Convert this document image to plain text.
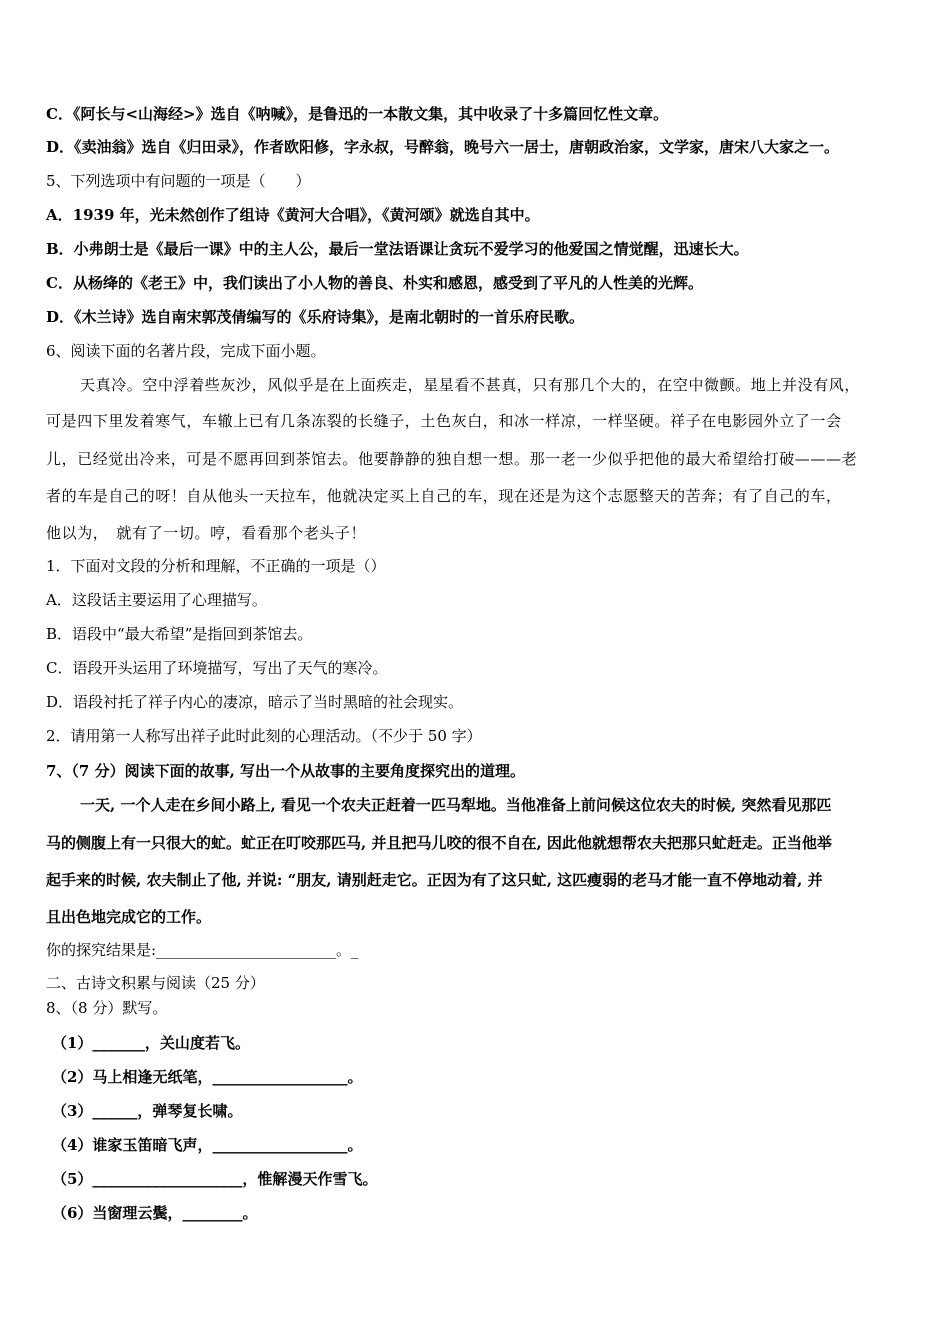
C．《阿长与<山海经>》选自《呐喊》，是鲁迅的一本散文集，其中收录了十多篇回忆性文章。
D．《卖油翁》选自《归田录》，作者欧阳修，字永叔，号醉翁，晚号六一居士，唐朝政治家，文学家，唐宋八大家之一。
5、下列选项中有问题的一项是（　　）
A．1939 年，光未然创作了组诗《黄河大合唱》，《黄河颂》就选自其中。
B．小弗朗士是《最后一课》中的主人公，最后一堂法语课让贪玩不爱学习的他爱国之情觉醒，迅速长大。
C．从杨绛的《老王》中，我们读出了小人物的善良、朴实和感恩，感受到了平凡的人性美的光辉。
D．《木兰诗》选自南宋郭茂倩编写的《乐府诗集》，是南北朝时的一首乐府民歌。
6、阅读下面的名著片段，完成下面小题。
天真冷。空中浮着些灰沙，风似乎是在上面疾走，星星看不甚真，只有那几个大的，在空中微颤。地上并没有风，
可是四下里发着寒气，车辙上已有几条冻裂的长缝子，土色灰白，和冰一样凉，一样坚硬。祥子在电影园外立了一会
儿，已经觉出冷来，可是不愿再回到茶馆去。他要静静的独自想一想。那一老一少似乎把他的最大希望给打破———老
者的车是自己的呀！自从他头一天拉车，他就决定买上自己的车，现在还是为这个志愿整天的苦奔；有了自己的车，
他以为，　就有了一切。哼，看看那个老头子！
1．下面对文段的分析和理解，不正确的一项是（）
A．这段话主要运用了心理描写。
B．语段中“最大希望”是指回到茶馆去。
C．语段开头运用了环境描写，写出了天气的寒冷。
D．语段衬托了祥子内心的凄凉，暗示了当时黑暗的社会现实。
2．请用第一人称写出祥子此时此刻的心理活动。（不少于 50 字）
7、（7 分）阅读下面的故事, 写出一个从故事的主要角度探究出的道理。
一天, 一个人走在乡间小路上, 看见一个农夫正赶着一匹马犁地。当他准备上前问候这位农夫的时候, 突然看见那匹
马的侧腹上有一只很大的虻。虻正在叮咬那匹马, 并且把马儿咬的很不自在, 因此他就想帮农夫把那只虻赶走。正当他举
起手来的时候, 农夫制止了他, 并说: “朋友, 请别赶走它。正因为有了这只虻, 这匹瘦弱的老马才能一直不停地动着, 并
且出色地完成它的工作。
你的探究结果是:________________________。_
二、古诗文积累与阅读（25 分）
8、（8 分）默写。
（1）_______，关山度若飞。
（2）马上相逢无纸笔，__________________。
（3）______，弹琴复长啸。
（4）谁家玉笛暗飞声，__________________。
（5）____________________，惟解漫天作雪飞。
（6）当窗理云鬓，________。
